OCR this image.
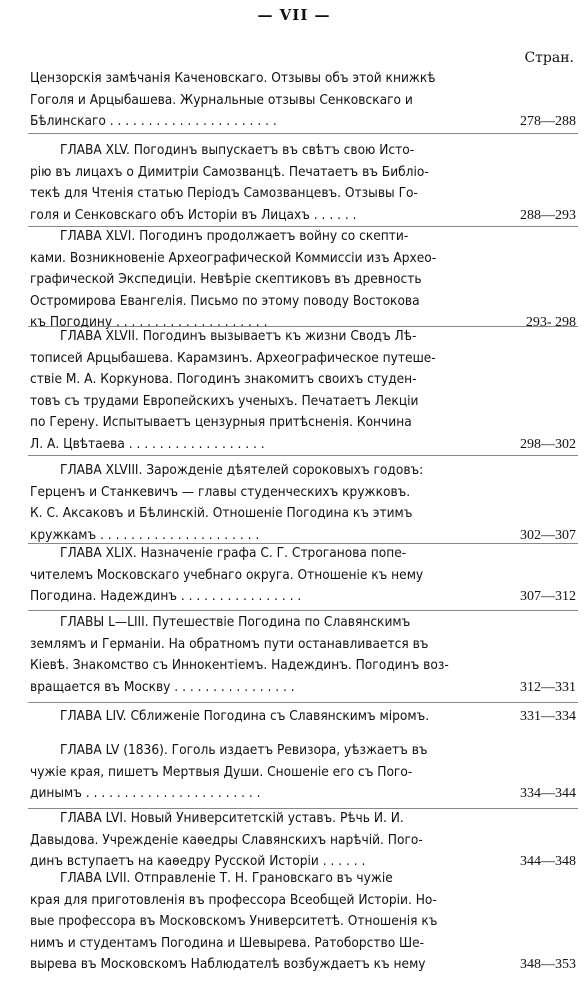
— VII —
Стран.
Цензорскія замѣчанія Каченовскаго. Отзывы объ этой книжкѣ
Гоголя и Арцыбашева. Журнальные отзывы Сенковскаго и
Бѣлинскаго . . . . . . . . . . . . . . . . . . . . . .	278—288
ГЛАВА XLV. Погодинъ выпускаетъ въ свѣтъ свою Исто-
рію въ лицахъ о Димитріи Самозванцѣ. Печатаетъ въ Библіо-
текѣ для Чтенія статью Періодъ Самозванцевъ. Отзывы Го-
голя и Сенковскаго объ Исторіи въ Лицахъ . . . . . .	288—293
ГЛАВА XLVI. Погодинъ продолжаетъ войну со скепти-
ками. Возникновеніе Археографической Коммиссіи изъ Архео-
графической Экспедиціи. Невѣріе скептиковъ въ древность
Остромирова Евангелія. Письмо по этому поводу Востокова
къ Погодину . . . . . . . . . . . . . . . . . . . .	293- 298
ГЛАВА XLVII. Погодинъ вызываетъ къ жизни Сводъ Лѣ-
тописей Арцыбашева. Карамзинъ. Археографическое путеше-
ствіе М. А. Коркунова. Погодинъ знакомитъ своихъ студен-
товъ съ трудами Европейскихъ ученыхъ. Печатаетъ Лекціи
по Герену. Испытываетъ цензурныя притѣсненія. Кончина
Л. А. Цвѣтаева . . . . . . . . . . . . . . . . . .	298—302
ГЛАВА XLVIII. Зарожденіе дѣятелей сороковыхъ годовъ:
Герценъ и Станкевичъ — главы студенческихъ кружковъ.
К. С. Аксаковъ и Бѣлинскій. Отношеніе Погодина къ этимъ
кружкамъ . . . . . . . . . . . . . . . . . . . . .	302—307
ГЛАВА XLIX. Назначеніе графа С. Г. Строганова попе-
чителемъ Московскаго учебнаго округа. Отношеніе къ нему
Погодина. Надеждинъ . . . . . . . . . . . . . . . .	307—312
ГЛАВЫ L—LIII. Путешествіе Погодина по Славянскимъ
землямъ и Германіи. На обратномъ пути останавливается въ
Кіевѣ. Знакомство съ Иннокентіемъ. Надеждинъ. Погодинъ воз-
вращается въ Москву . . . . . . . . . . . . . . . .	312—331
ГЛАВА LIV. Сближеніе Погодина съ Славянскимъ міромъ.	331—334
ГЛАВА LV (1836). Гоголь издаетъ Ревизора, уѣзжаетъ въ
чужіе края, пишетъ Мертвыя Души. Сношеніе его съ Пого-
динымъ . . . . . . . . . . . . . . . . . . . . . . .	334—344
ГЛАВА LVI. Новый Университетскій уставъ. Рѣчь И. И.
Давыдова. Учрежденіе каѳедры Славянскихъ нарѣчій. Пого-
динъ вступаетъ на каѳедру Русской Исторіи . . . . . .	344—348
ГЛАВА LVII. Отправленіе Т. Н. Грановскаго въ чужіе
края для приготовленія въ профессора Всеобщей Исторіи. Но-
вые профессора въ Московскомъ Университетѣ. Отношенія къ
нимъ и студентамъ Погодина и Шевырева. Ратоборство Ше-
вырева въ Московскомъ Наблюдателѣ возбуждаетъ къ нему	348—353
